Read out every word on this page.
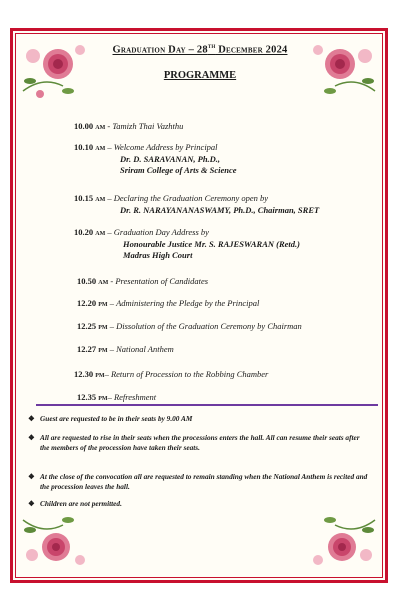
Graduation Day – 28th December 2024
PROGRAMME
10.00 am - Tamizh Thai Vazhthu
10.10 am – Welcome Address by Principal
Dr. D. SARAVANAN, Ph.D.,
Sriram College of Arts & Science
10.15 am – Declaring the Graduation Ceremony open by
Dr. R. NARAYANANASWAMY, Ph.D., Chairman, SRET
10.20 am – Graduation Day Address by
Honourable Justice Mr. S. RAJESWARAN (Retd.)
Madras High Court
10.50 am - Presentation of Candidates
12.20 pm – Administering the Pledge by the Principal
12.25 pm – Dissolution of the Graduation Ceremony by Chairman
12.27 pm – National Anthem
12.30 pm– Return of Procession to the Robbing Chamber
12.35 pm– Refreshment
❖ Guest are requested to be in their seats by 9.00 AM
❖ All are requested to rise in their seats when the processions enters the hall. All can resume their seats after the members of the procession have taken their seats.
❖ At the close of the convocation all are requested to remain standing when the National Anthem is recited and the procession leaves the hall.
❖ Children are not permitted.
